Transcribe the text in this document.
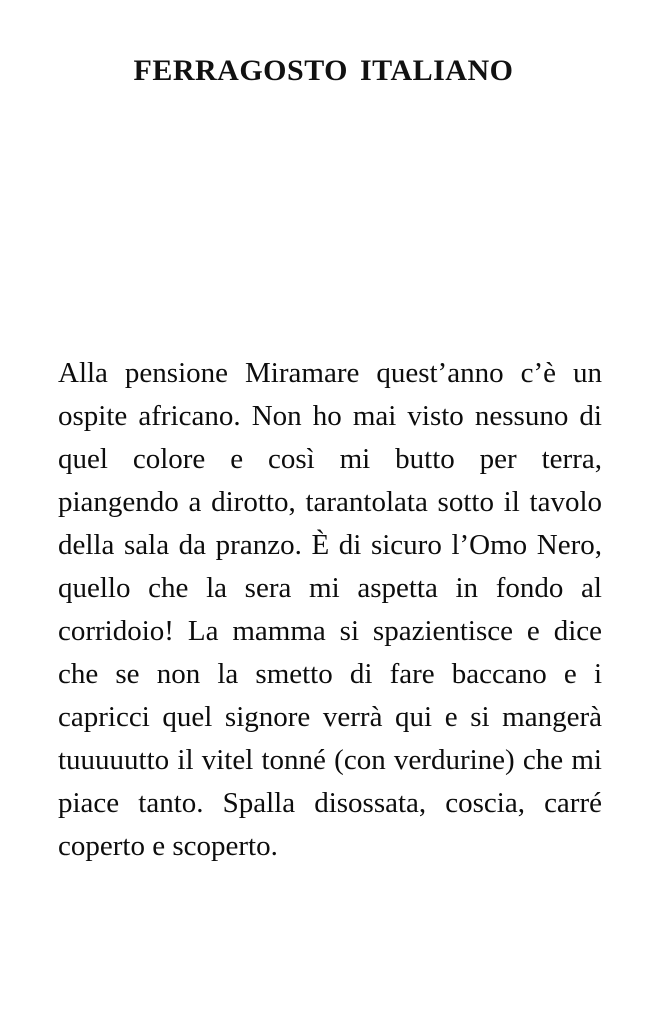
FERRAGOSTO ITALIANO

Alla pensione Miramare quest’anno c’è un ospite africano. Non ho mai visto nessuno di quel colore e così mi butto per terra, piangendo a dirotto, tarantolata sotto il tavolo della sala da pranzo. È di sicuro l’Omo Nero, quello che la sera mi aspetta in fondo al corridoio! La mamma si spazientisce e dice che se non la smetto di fare baccano e i capricci quel signore verrà qui e si mangerà tuuuuutto il vitel tonné (con verdurine) che mi piace tanto. Spalla disossata, coscia, carré coperto e scoperto.
